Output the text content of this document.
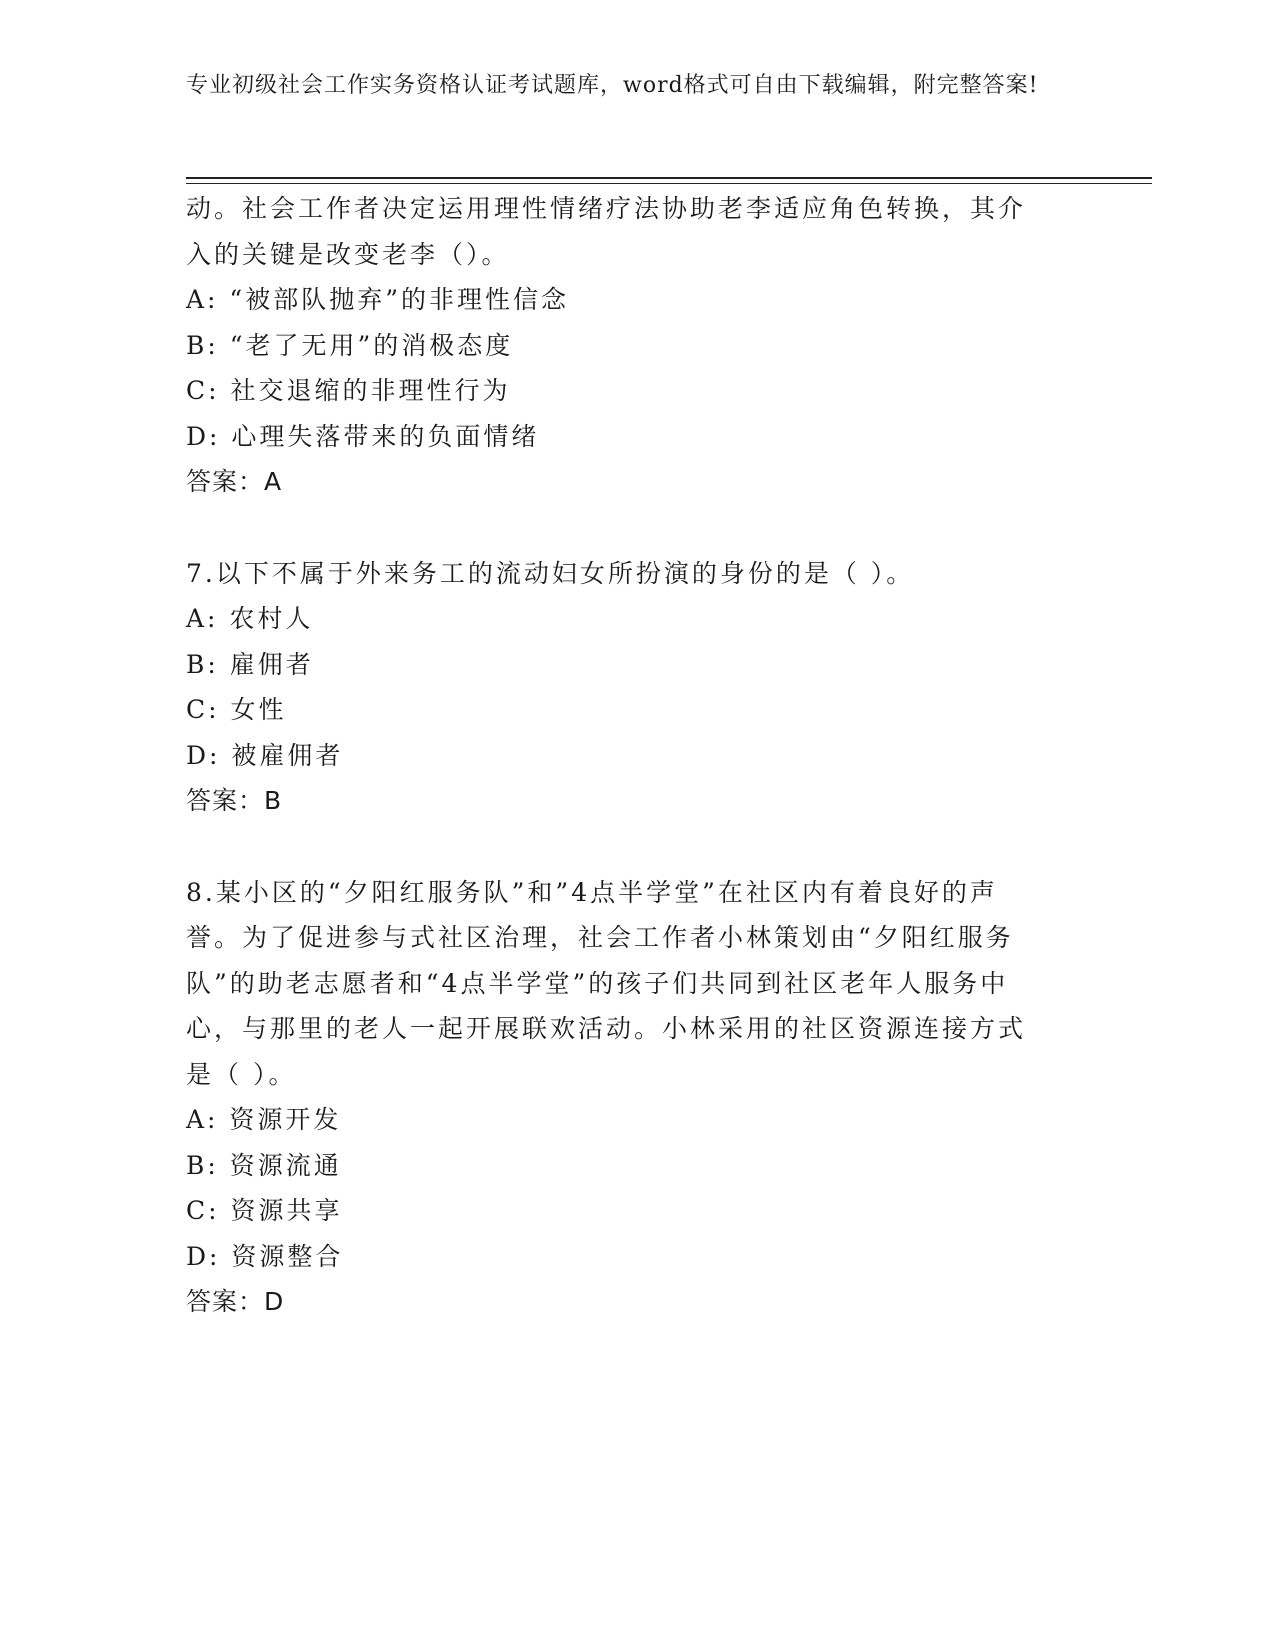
专业初级社会工作实务资格认证考试题库，word格式可自由下载编辑，附完整答案!
动。社会工作者决定运用理性情绪疗法协助老李适应角色转换，其介
入的关键是改变老李（）。
A: “被部队抛弃”的非理性信念
B: “老了无用”的消极态度
C: 社交退缩的非理性行为
D: 心理失落带来的负面情绪
答案：A
7.以下不属于外来务工的流动妇女所扮演的身份的是（ ）。
A: 农村人
B: 雇佣者
C: 女性
D: 被雇佣者
答案：B
8.某小区的“夕阳红服务队”和”4点半学堂”在社区内有着良好的声
誉。为了促进参与式社区治理，社会工作者小林策划由“夕阳红服务
队”的助老志愿者和“4点半学堂”的孩子们共同到社区老年人服务中
心，与那里的老人一起开展联欢活动。小林采用的社区资源连接方式
是（ ）。
A: 资源开发
B: 资源流通
C: 资源共享
D: 资源整合
答案：D
